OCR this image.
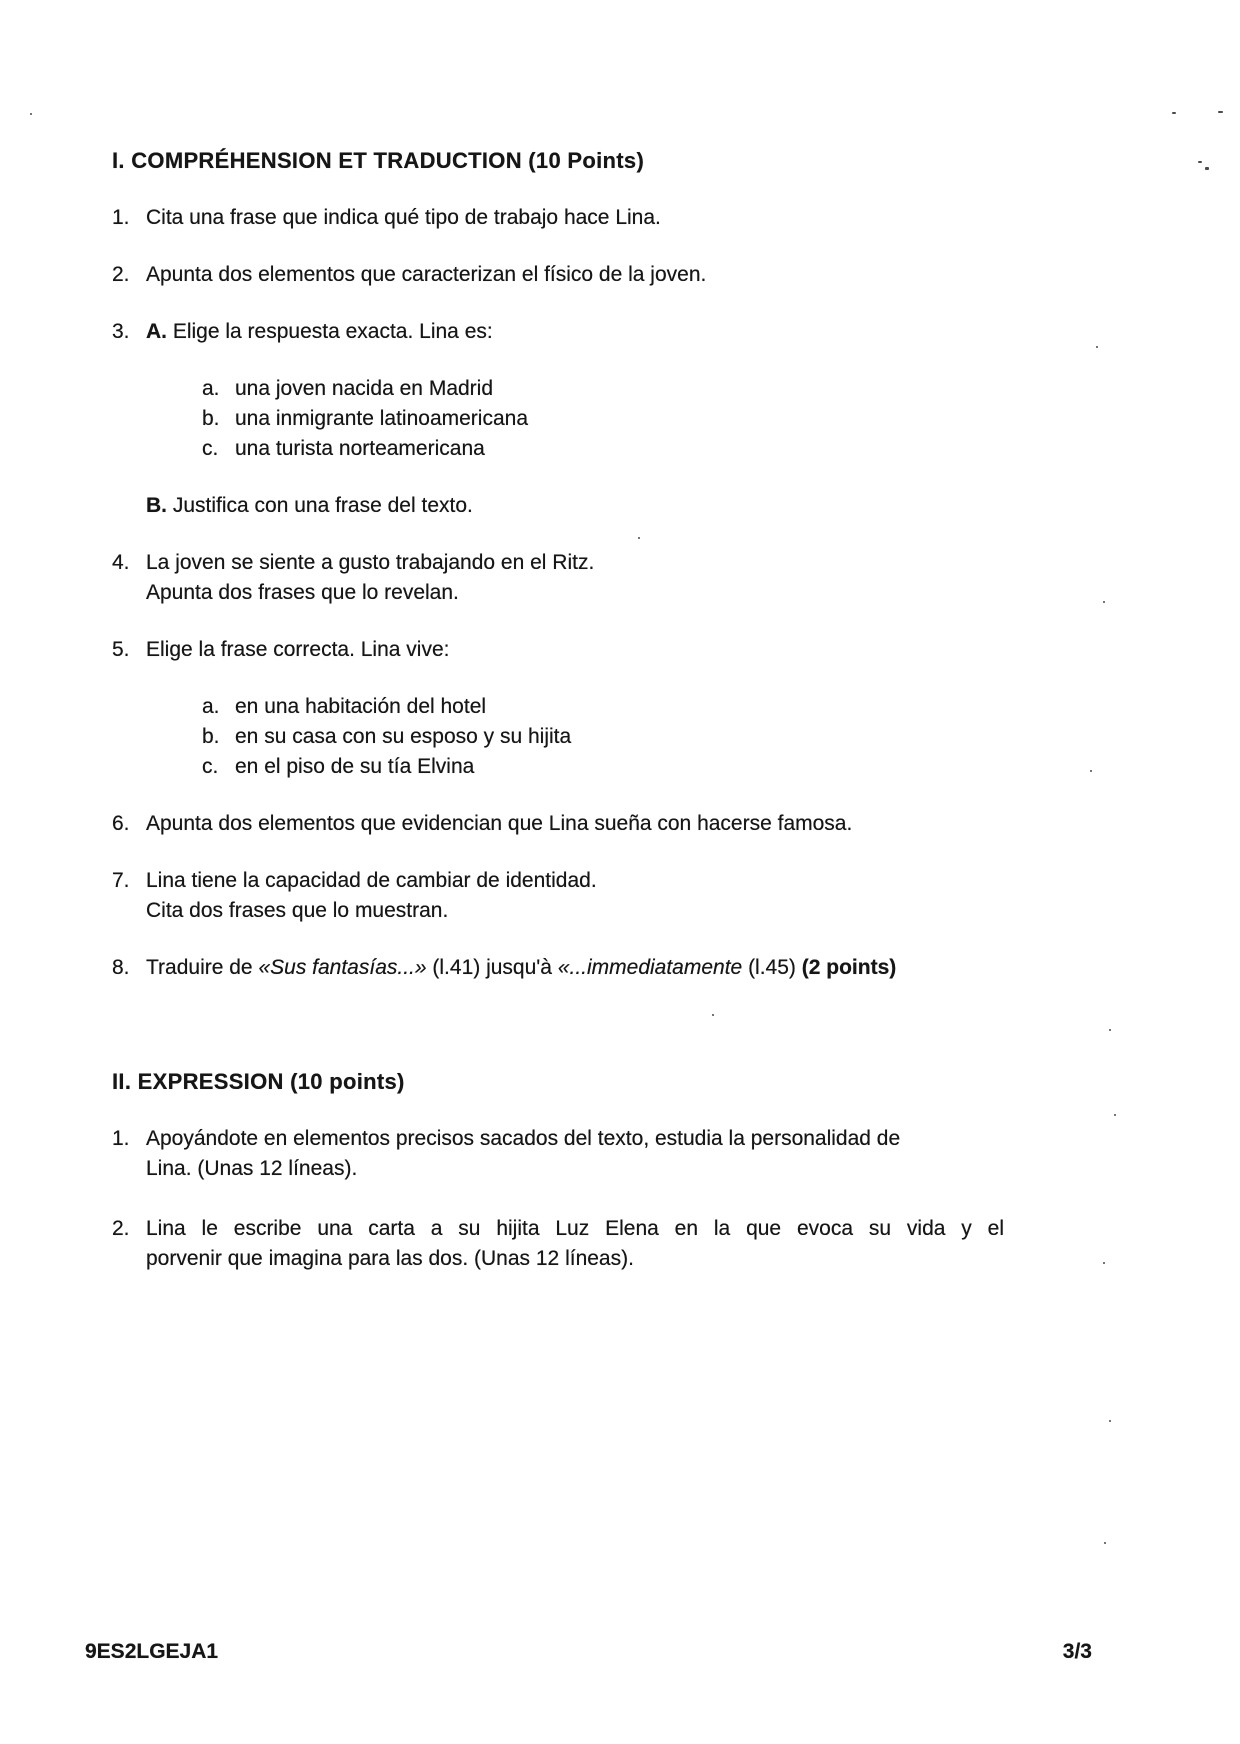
I. COMPRÉHENSION ET TRADUCTION (10 Points)
1. Cita una frase que indica qué tipo de trabajo hace Lina.
2. Apunta dos elementos que caracterizan el físico de la joven.
3. A. Elige la respuesta exacta. Lina es:
a. una joven nacida en Madrid
b. una inmigrante latinoamericana
c. una turista norteamericana
B. Justifica con una frase del texto.
4. La joven se siente a gusto trabajando en el Ritz.
Apunta dos frases que lo revelan.
5. Elige la frase correcta. Lina vive:
a. en una habitación del hotel
b. en su casa con su esposo y su hijita
c. en el piso de su tía Elvina
6. Apunta dos elementos que evidencian que Lina sueña con hacerse famosa.
7. Lina tiene la capacidad de cambiar de identidad.
Cita dos frases que lo muestran.
8. Traduire de «Sus fantasías...» (l.41) jusqu'à «...immediatamente (l.45) (2 points)
II. EXPRESSION (10 points)
1. Apoyándote en elementos precisos sacados del texto, estudia la personalidad de
Lina. (Unas 12 líneas).
2. Lina le escribe una carta a su hijita Luz Elena en la que evoca su vida y el
porvenir que imagina para las dos. (Unas 12 líneas).
9ES2LGEJA1	3/3
